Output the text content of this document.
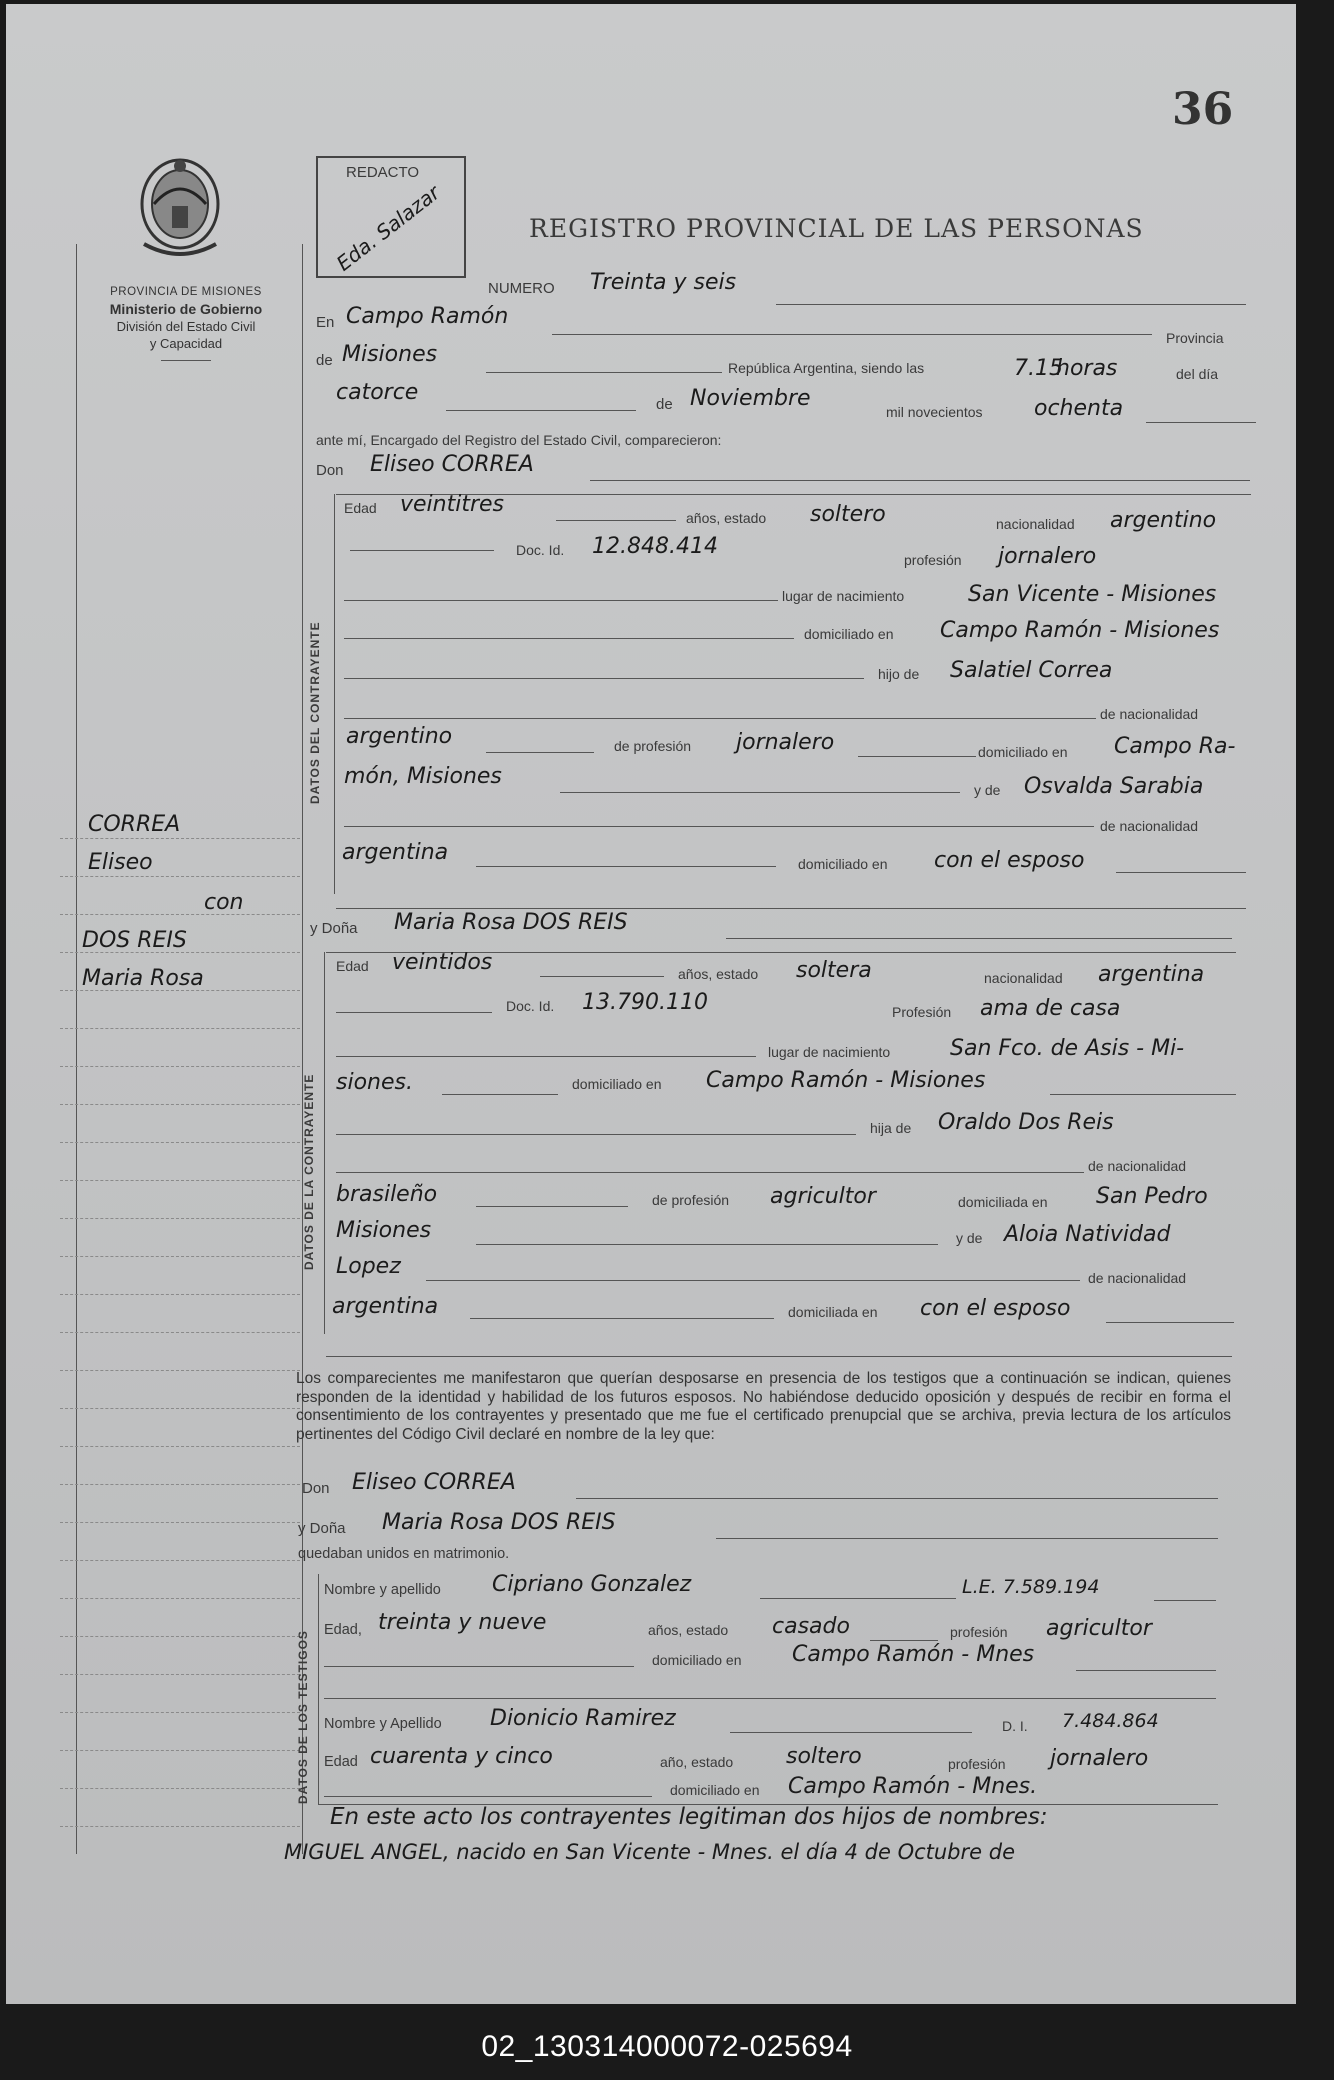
36
PROVINCIA DE MISIONES
Ministerio de Gobierno
División del Estado Civil
y Capacidad
REDACTO
Eda. Salazar	REGISTRO PROVINCIAL DE LAS PERSONAS
CORREA
Eliseo
con
DOS REIS
Maria Rosa
NUMERO Treinta y seis
En Campo Ramón
Provincia
de Misiones
República Argentina, siendo las	7.15
horas	del día
catorce	de Noviembre
mil novecientos ochenta
ante mí, Encargado del Registro del Estado Civil, comparecieron:
Don Eliseo CORREA
DATOS DEL CONTRAYENTE
Edad veintitres
años, estado soltero	nacionalidad argentino
Doc. Id. 12.848.414
profesión jornalero
lugar de nacimiento	San Vicente - Misiones
domiciliado en Campo Ramón - Misiones
hijo de Salatiel Correa
de nacionalidad
argentino	de profesión jornalero	domiciliado en Campo Ra-
món, Misiones
y de Osvalda Sarabia
de nacionalidad
argentina	domiciliado en con el esposo
y Doña Maria Rosa DOS REIS
DATOS DE LA CONTRAYENTE
Edad veintidos	años, estado soltera	nacionalidad argentina
Doc. Id. 13.790.110	Profesión ama de casa
lugar de nacimiento	San Fco. de Asis - Mi-
siones.	domiciliado en Campo Ramón - Misiones
hija de Oraldo Dos Reis
de nacionalidad
brasileño	de profesión agricultor	domiciliada en San Pedro
Misiones	y de Aloia Natividad
Lopez	de nacionalidad
argentina	domiciliada en con el esposo
Los comparecientes me manifestaron que querían desposarse en presencia de los testigos que a continuación se indican, quienes responden de la identidad y habilidad de los futuros esposos. No habiéndose deducido oposición y después de recibir en forma el consentimiento de los contrayentes y presentado que me fue el certificado prenupcial que se archiva, previa lectura de los artículos pertinentes del Código Civil declaré en nombre de la ley que:
Don Eliseo CORREA
y Doña Maria Rosa DOS REIS
quedaban unidos en matrimonio.
DATOS DE LOS TESTIGOS
Nombre y apellido Cipriano Gonzalez	L.E. 7.589.194
Edad, treinta y nueve	años, estado casado	profesión agricultor
domiciliado en Campo Ramón - Mnes
Nombre y Apellido Dionicio Ramirez	D. I. 7.484.864
Edad cuarenta y cinco	año, estado soltero	profesión jornalero
domiciliado en Campo Ramón - Mnes.
En este acto los contrayentes legitiman dos hijos de nombres:
MIGUEL ANGEL, nacido en San Vicente - Mnes. el día 4 de Octubre de
02_130314000072-025694
